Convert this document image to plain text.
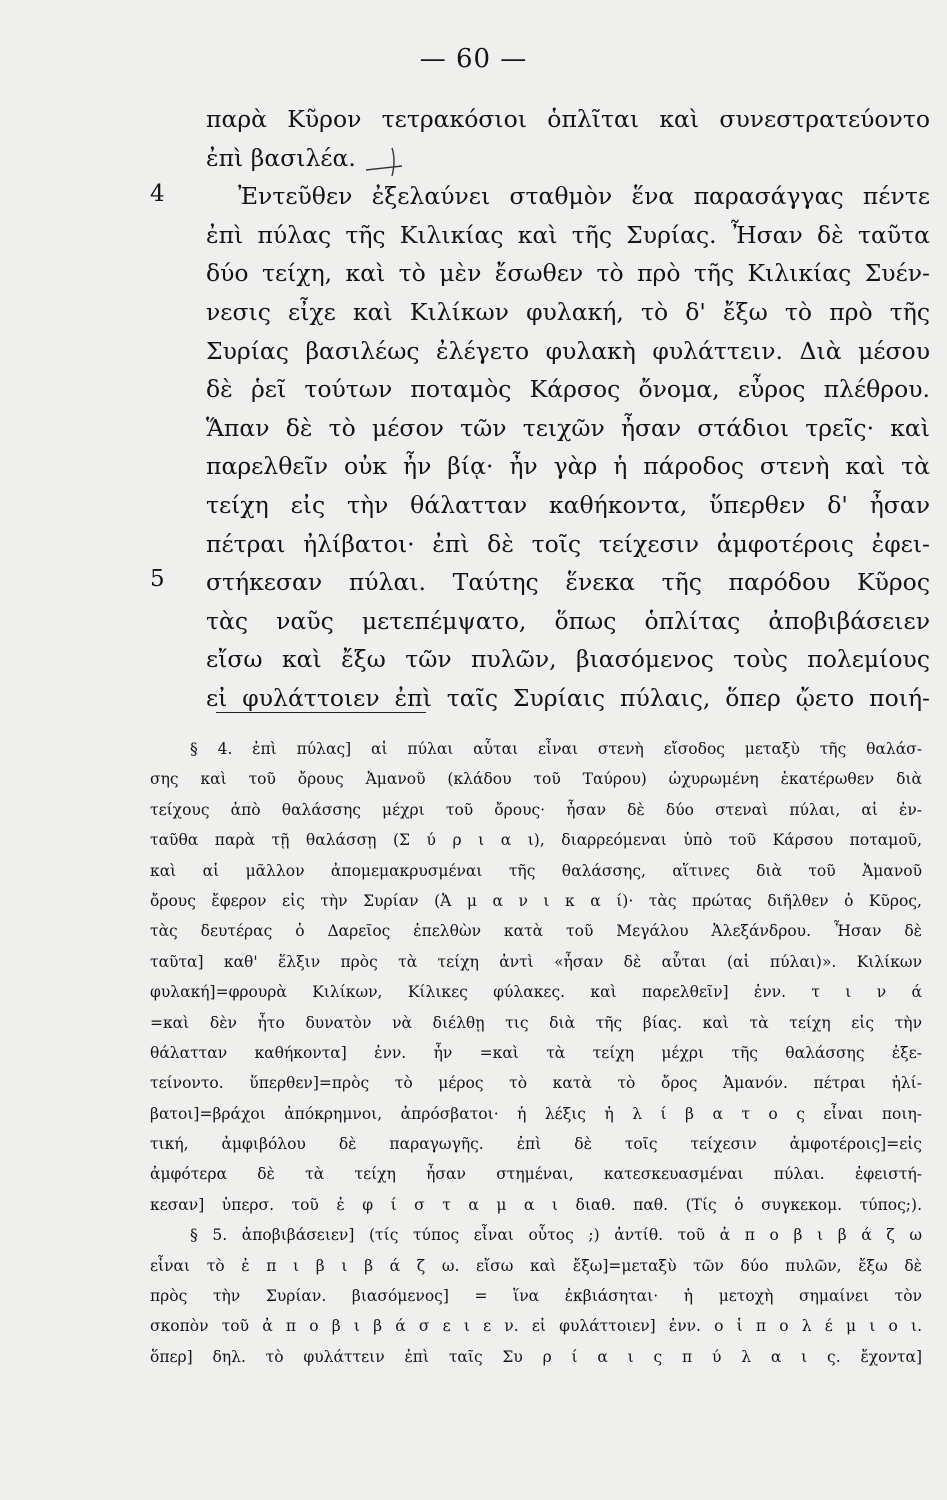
— 60 —
4
5
παρὰ Κῦρον τετρακόσιοι ὁπλῖται καὶ συνεστρατεύοντο
ἐπὶ βασιλέα.
Ἐντεῦθεν ἐξελαύνει σταθμὸν ἕνα παρασάγγας πέντε
ἐπὶ πύλας τῆς Κιλικίας καὶ τῆς Συρίας. Ἦσαν δὲ ταῦτα
δύο τείχη, καὶ τὸ μὲν ἔσωθεν τὸ πρὸ τῆς Κιλικίας Συέν-
νεσις εἶχε καὶ Κιλίκων φυλακή, τὸ δ' ἔξω τὸ πρὸ τῆς
Συρίας βασιλέως ἐλέγετο φυλακὴ φυλάττειν. Διὰ μέσου
δὲ ῥεῖ τούτων ποταμὸς Κάρσος ὄνομα, εὖρος πλέθρου.
Ἅπαν δὲ τὸ μέσον τῶν τειχῶν ἦσαν στάδιοι τρεῖς· καὶ
παρελθεῖν οὐκ ἦν βίᾳ· ἦν γὰρ ἡ πάροδος στενὴ καὶ τὰ
τείχη εἰς τὴν θάλατταν καθήκοντα, ὕπερθεν δ' ἦσαν
πέτραι ἠλίβατοι· ἐπὶ δὲ τοῖς τείχεσιν ἀμφοτέροις ἐφει-
στήκεσαν πύλαι. Ταύτης ἕνεκα τῆς παρόδου Κῦρος
τὰς ναῦς μετεπέμψατο, ὅπως ὁπλίτας ἀποβιβάσειεν
εἴσω καὶ ἔξω τῶν πυλῶν, βιασόμενος τοὺς πολεμίους
εἰ φυλάττοιεν ἐπὶ ταῖς Συρίαις πύλαις, ὅπερ ᾤετο ποιή-
§ 4. ἐπὶ πύλας] αἱ πύλαι αὗται εἶναι στενὴ εἴσοδος μεταξὺ τῆς θαλάσ-
σης καὶ τοῦ ὄρους Ἀμανοῦ (κλάδου τοῦ Ταύρου) ὠχυρωμένη ἑκατέρωθεν διὰ
τείχους ἀπὸ θαλάσσης μέχρι τοῦ ὄρους· ἦσαν δὲ δύο στεναὶ πύλαι, αἱ ἐν-
ταῦθα παρὰ τῇ θαλάσσῃ (Σ ύ ρ ι α ι), διαρρεόμεναι ὑπὸ τοῦ Κάρσου ποταμοῦ,
καὶ αἱ μᾶλλον ἀπομεμακρυσμέναι τῆς θαλάσσης, αἵτινες διὰ τοῦ Ἀμανοῦ
ὄρους ἔφερον εἰς τὴν Συρίαν (Ἀ μ α ν ι κ α ί)· τὰς πρώτας διῆλθεν ὁ Κῦρος,
τὰς δευτέρας ὁ Δαρεῖος ἐπελθὼν κατὰ τοῦ Μεγάλου Ἀλεξάνδρου. Ἦσαν δὲ
ταῦτα] καθ' ἕλξιν πρὸς τὰ τείχη ἀντὶ «ἦσαν δὲ αὗται (αἱ πύλαι)». Κιλίκων
φυλακή]=φρουρὰ Κιλίκων, Κίλικες φύλακες. καὶ παρελθεῖν] ἐνν. τ ι ν ά
=καὶ δὲν ἦτο δυνατὸν νὰ διέλθῃ τις διὰ τῆς βίας. καὶ τὰ τείχη εἰς τὴν
θάλατταν καθήκοντα] ἐνν. ἦν =καὶ τὰ τείχη μέχρι τῆς θαλάσσης ἐξε-
τείνοντο. ὕπερθεν]=πρὸς τὸ μέρος τὸ κατὰ τὸ ὄρος Ἀμανόν. πέτραι ἠλί-
βατοι]=βράχοι ἀπόκρημνοι, ἀπρόσβατοι· ἡ λέξις ἠ λ ί β α τ ο ς εἶναι ποιη-
τική, ἀμφιβόλου δὲ παραγωγῆς. ἐπὶ δὲ τοῖς τείχεσιν ἀμφοτέροις]=εἰς
ἀμφότερα δὲ τὰ τείχη ἦσαν στημέναι, κατεσκευασμέναι πύλαι. ἐφειστή-
κεσαν] ὑπερσ. τοῦ ἐ φ ί σ τ α μ α ι διαθ. παθ. (Τίς ὁ συγκεκομ. τύπος;).
§ 5. ἀποβιβάσειεν] (τίς τύπος εἶναι οὗτος ;) ἀντίθ. τοῦ ἀ π ο β ι β ά ζ ω
εἶναι τὸ ἐ π ι β ι β ά ζ ω. εἴσω καὶ ἔξω]=μεταξὺ τῶν δύο πυλῶν, ἔξω δὲ
πρὸς τὴν Συρίαν. βιασόμενος] = ἵνα ἐκβιάσηται· ἡ μετοχὴ σημαίνει τὸν
σκοπὸν τοῦ ἀ π ο β ι β ά σ ε ι ε ν. εἰ φυλάττοιεν] ἐνν. ο ἱ π ο λ έ μ ι ο ι.
ὅπερ] δηλ. τὸ φυλάττειν ἐπὶ ταῖς Συ ρ ί α ι ς π ύ λ α ι ς. ἔχοντα]
